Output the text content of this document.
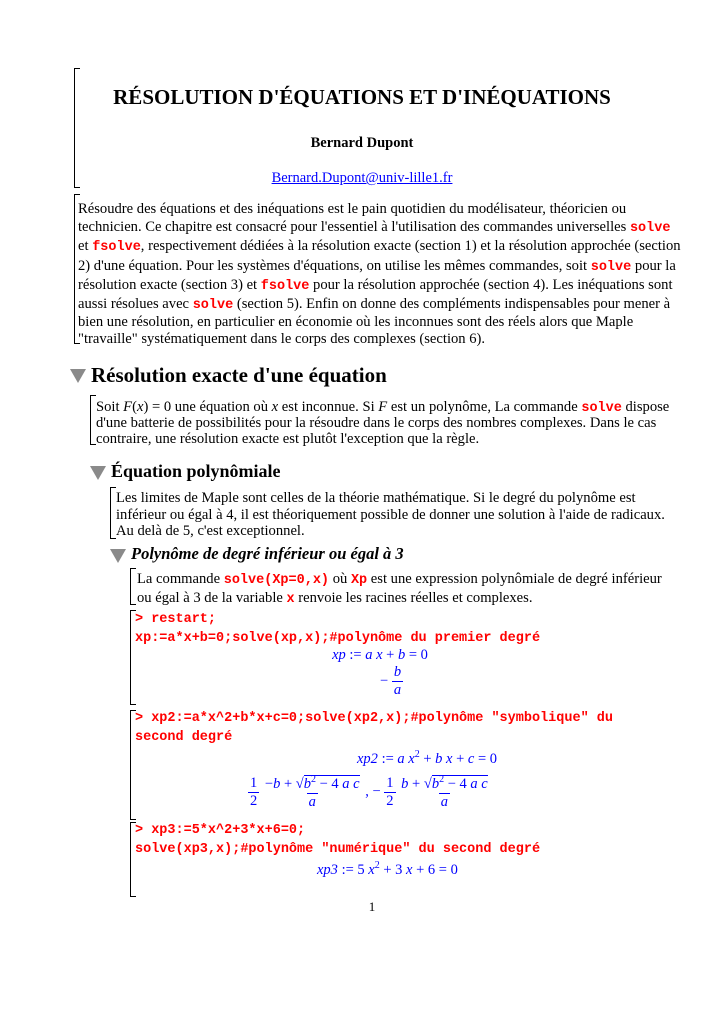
RÉSOLUTION D'ÉQUATIONS ET D'INÉQUATIONS
Bernard Dupont
Bernard.Dupont@univ-lille1.fr
Résoudre des équations et des inéquations est le pain quotidien du modélisateur, théoricien ou
technicien. Ce chapitre est consacré pour l'essentiel à l'utilisation des commandes universelles solve
et fsolve, respectivement dédiées à la résolution exacte (section 1) et la résolution approchée (section
2) d'une équation. Pour les systèmes d'équations, on utilise les mêmes commandes, soit solve pour la
résolution exacte (section 3) et fsolve pour la résolution approchée (section 4). Les inéquations sont
aussi résolues avec solve (section 5). Enfin on donne des compléments indispensables pour mener à
bien une résolution, en particulier en économie où les inconnues sont des réels alors que Maple
"travaille" systématiquement dans le corps des complexes (section 6).
Résolution exacte d'une équation
Soit F(x) = 0 une équation où x est inconnue. Si F est un polynôme, La commande solve dispose
d'une batterie de possibilités pour la résoudre dans le corps des nombres complexes. Dans le cas
contraire, une résolution exacte est plutôt l'exception que la règle.
Équation polynômiale
Les limites de Maple sont celles de la théorie mathématique. Si le degré du polynôme est
inférieur ou égal à 4, il est théoriquement possible de donner une solution à l'aide de radicaux.
Au delà de 5, c'est exceptionnel.
Polynôme de degré inférieur ou égal à 3
La commande solve(Xp=0,x) où Xp est une expression polynômiale de degré inférieur
ou égal à 3 de la variable x renvoie les racines réelles et complexes.
> restart;
xp:=a*x+b=0;solve(xp,x);#polynôme du premier degré
xp := a x + b = 0
− $\frac{b}{a}$
> xp2:=a*x^2+b*x+c=0;solve(xp2,x);#polynôme "symbolique" du
second degré
xp2 := a $x^2 + b$ x + c = 0
$\frac{1}{2}$
$\frac{-b + √b^2 - 4 a c}{a}$ , − $\frac{1}{2}$
$\frac{b + √b^2 - 4 a c}{a}$
> xp3:=5*x^2+3*x+6=0;
solve(xp3,x);#polynôme "numérique" du second degré
xp3 := 5 $x^2 + 3$ x + 6 = 0
1
